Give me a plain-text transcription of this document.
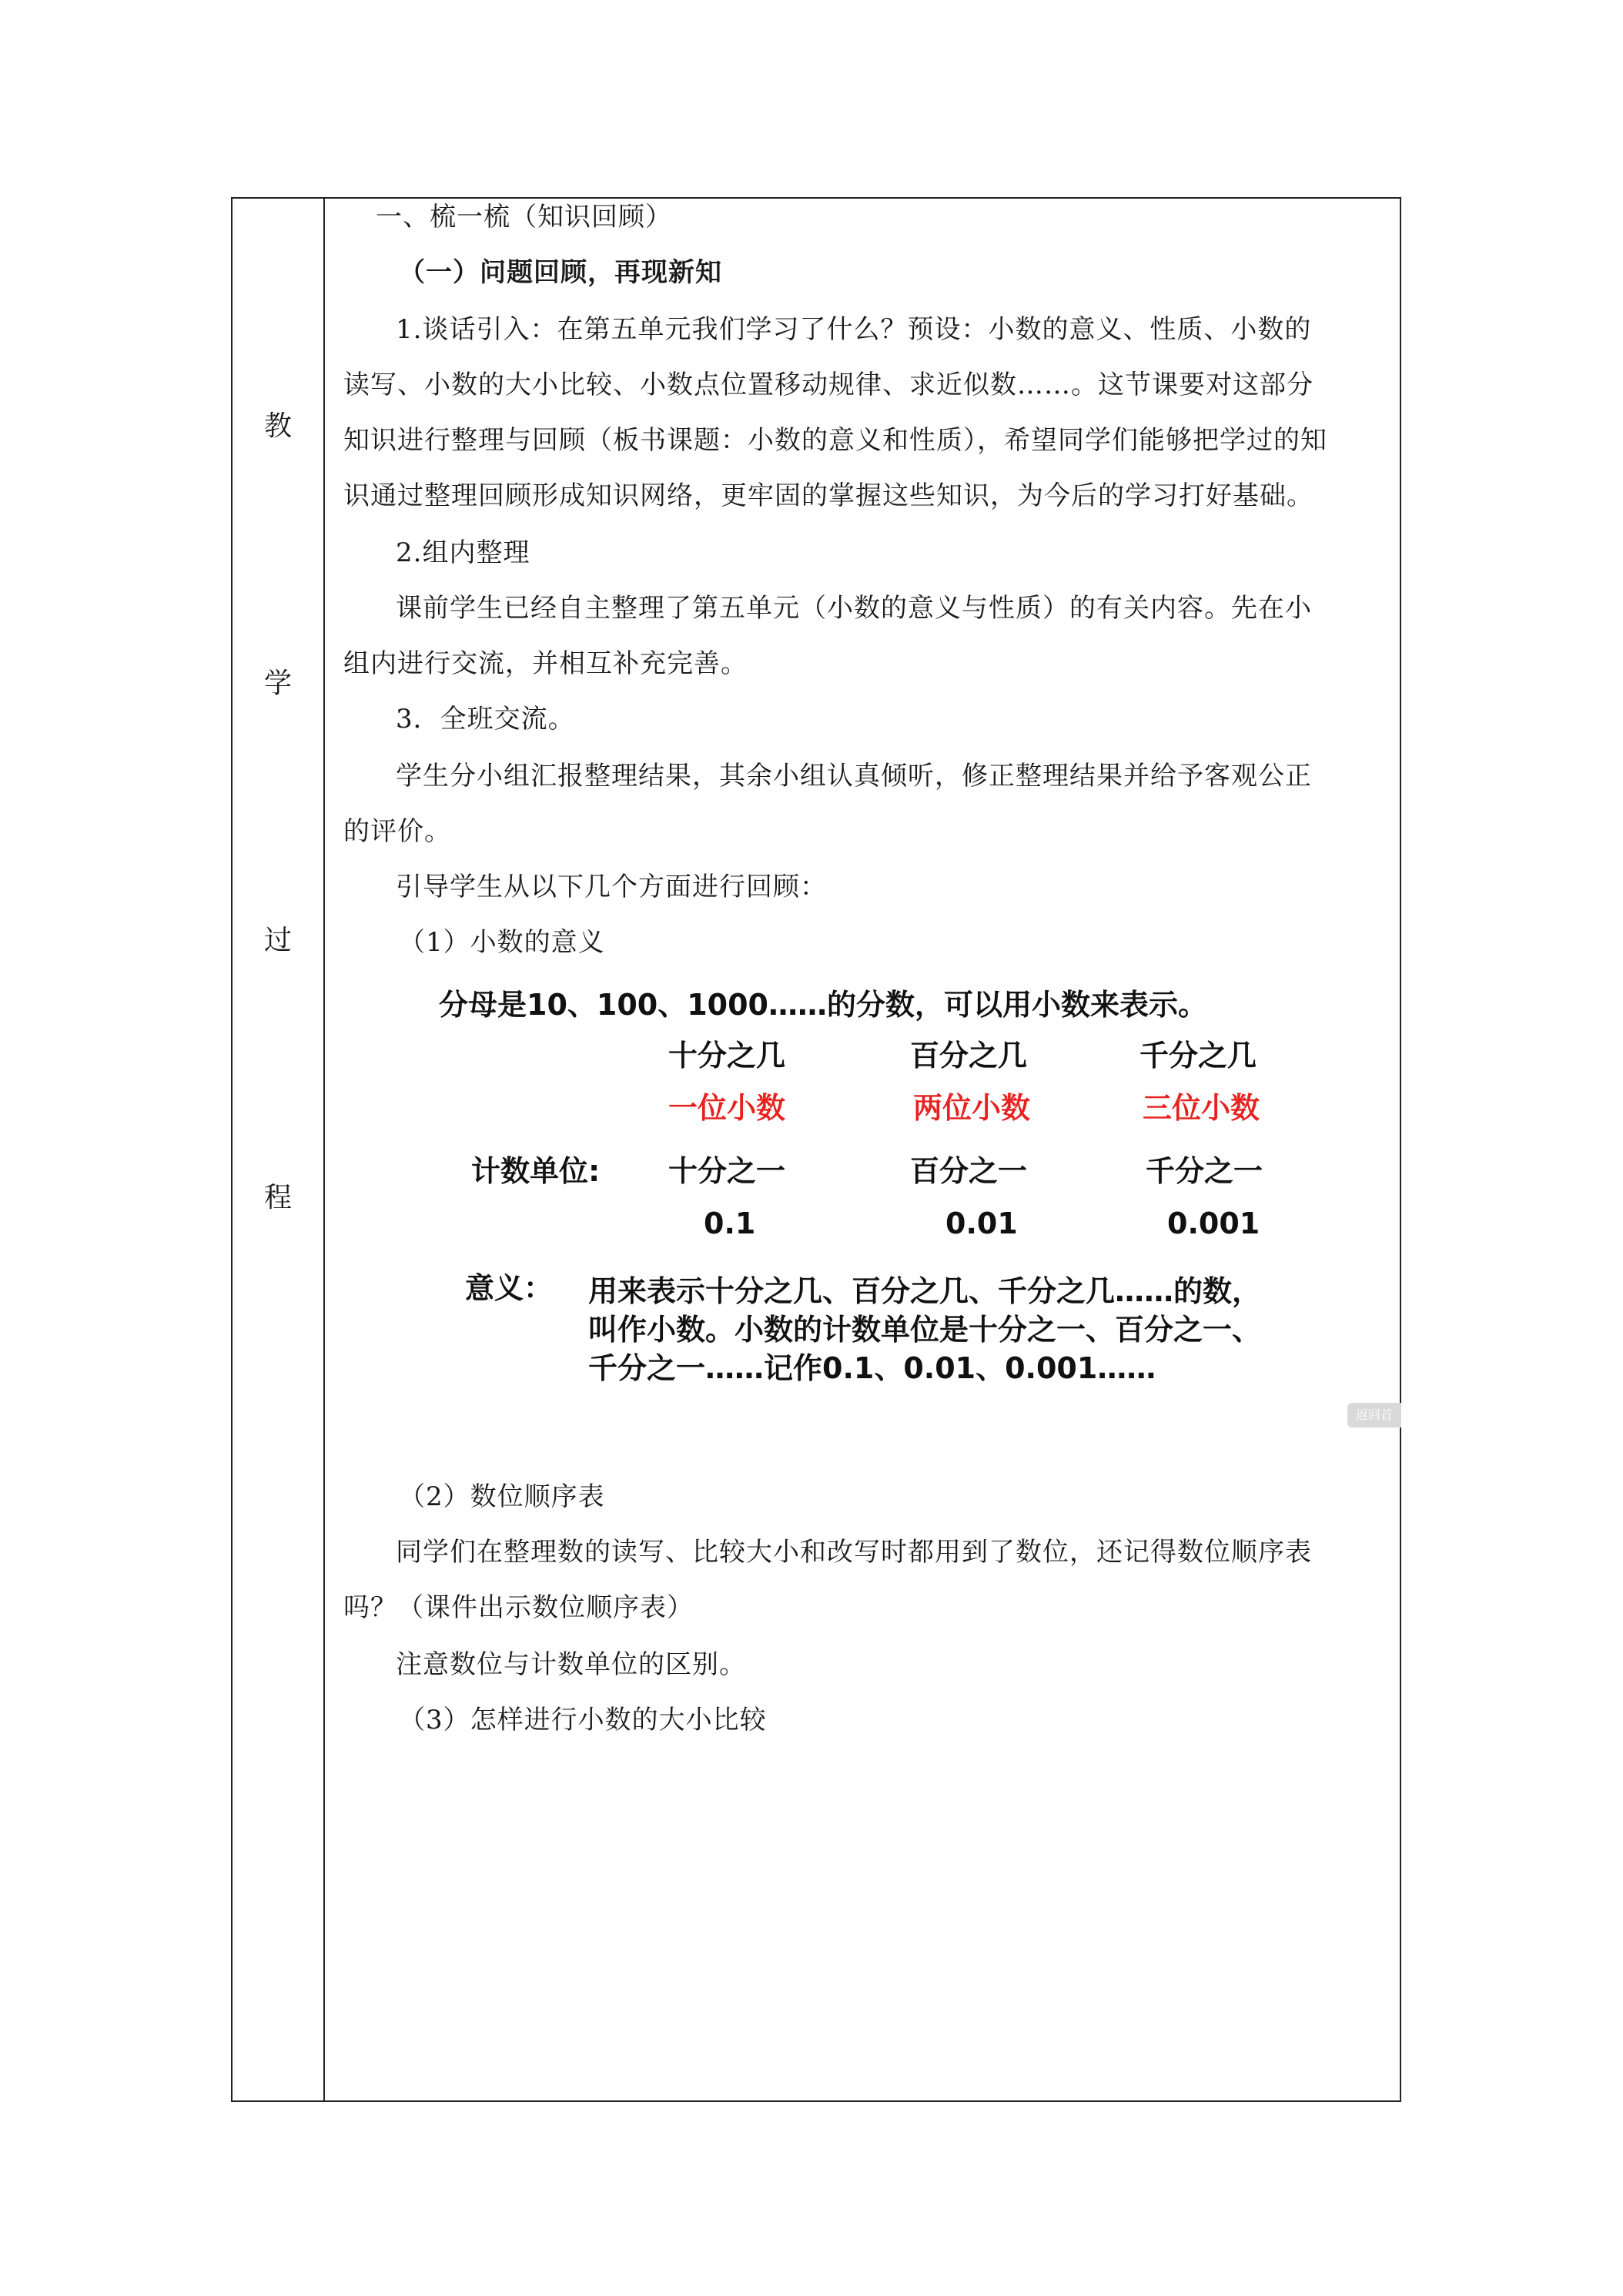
教
学
过
程
一、梳一梳（知识回顾）
（一）问题回顾，再现新知
1.谈话引入：在第五单元我们学习了什么？预设：小数的意义、性质、小数的
读写、小数的大小比较、小数点位置移动规律、求近似数……。这节课要对这部分
知识进行整理与回顾（板书课题：小数的意义和性质），希望同学们能够把学过的知
识通过整理回顾形成知识网络，更牢固的掌握这些知识，为今后的学习打好基础。
2.组内整理
课前学生已经自主整理了第五单元（小数的意义与性质）的有关内容。先在小
组内进行交流，并相互补充完善。
3．全班交流。
学生分小组汇报整理结果，其余小组认真倾听，修正整理结果并给予客观公正
的评价。
引导学生从以下几个方面进行回顾：
（1）小数的意义
（2）数位顺序表
同学们在整理数的读写、比较大小和改写时都用到了数位，还记得数位顺序表
吗？（课件出示数位顺序表）
注意数位与计数单位的区别。
（3）怎样进行小数的大小比较
分母是10、100、1000……的分数，可以用小数来表示。
十分之几	百分之几	千分之几
一位小数	两位小数	三位小数
计数单位: 十分之一	百分之一	千分之一
0.1	0.01	0.001
意义： 用来表示十分之几、百分之几、千分之几……的数，
叫作小数。小数的计数单位是十分之一、百分之一、
千分之一……记作0.1、0.01、0.001……
返回首
